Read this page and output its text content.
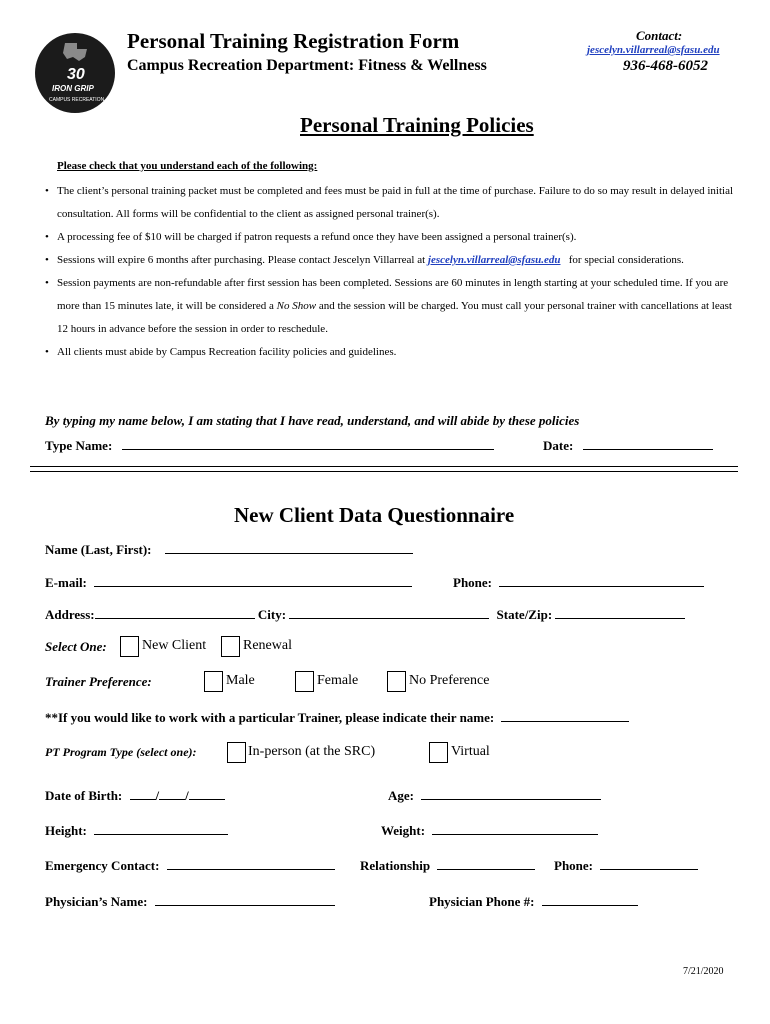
30
IRON GRIP
CAMPUS RECREATION
Personal Training Registration Form
Campus Recreation Department: Fitness & Wellness
Contact:
jescelyn.villarreal@sfasu.edu
936-468-6052
Personal Training Policies
Please check that you understand each of the following:
• The client’s personal training packet must be completed and fees must be paid in full at the time of purchase. Failure to do so may result in delayed initial consultation. All forms will be confidential to the client as assigned personal trainer(s).
• A processing fee of $10 will be charged if patron requests a refund once they have been assigned a personal trainer(s).
• Sessions will expire 6 months after purchasing. Please contact Jescelyn Villarreal at jescelyn.villarreal@sfasu.edu   for special considerations.
• Session payments are non-refundable after first session has been completed. Sessions are 60 minutes in length starting at your scheduled time. If you are more than 15 minutes late, it will be considered a No Show and the session will be charged. You must call your personal trainer with cancellations at least 12 hours in advance before the session in order to reschedule.
• All clients must abide by Campus Recreation facility policies and guidelines.
By typing my name below, I am stating that I have read, understand, and will abide by these policies
Type Name:	Date:
New Client Data Questionnaire
Name (Last, First):
E-mail:	Phone:
Address:	City:	State/Zip:
Select One:	New Client	Renewal
Trainer Preference:	Male	Female	No Preference
**If you would like to work with a particular Trainer, please indicate their name:
PT Program Type (select one):	In-person (at the SRC)	Virtual
Date of Birth:	/ /	Age:
Height:	Weight:
Emergency Contact:	Relationship	Phone:
Physician’s Name:	Physician Phone #:
7/21/2020
